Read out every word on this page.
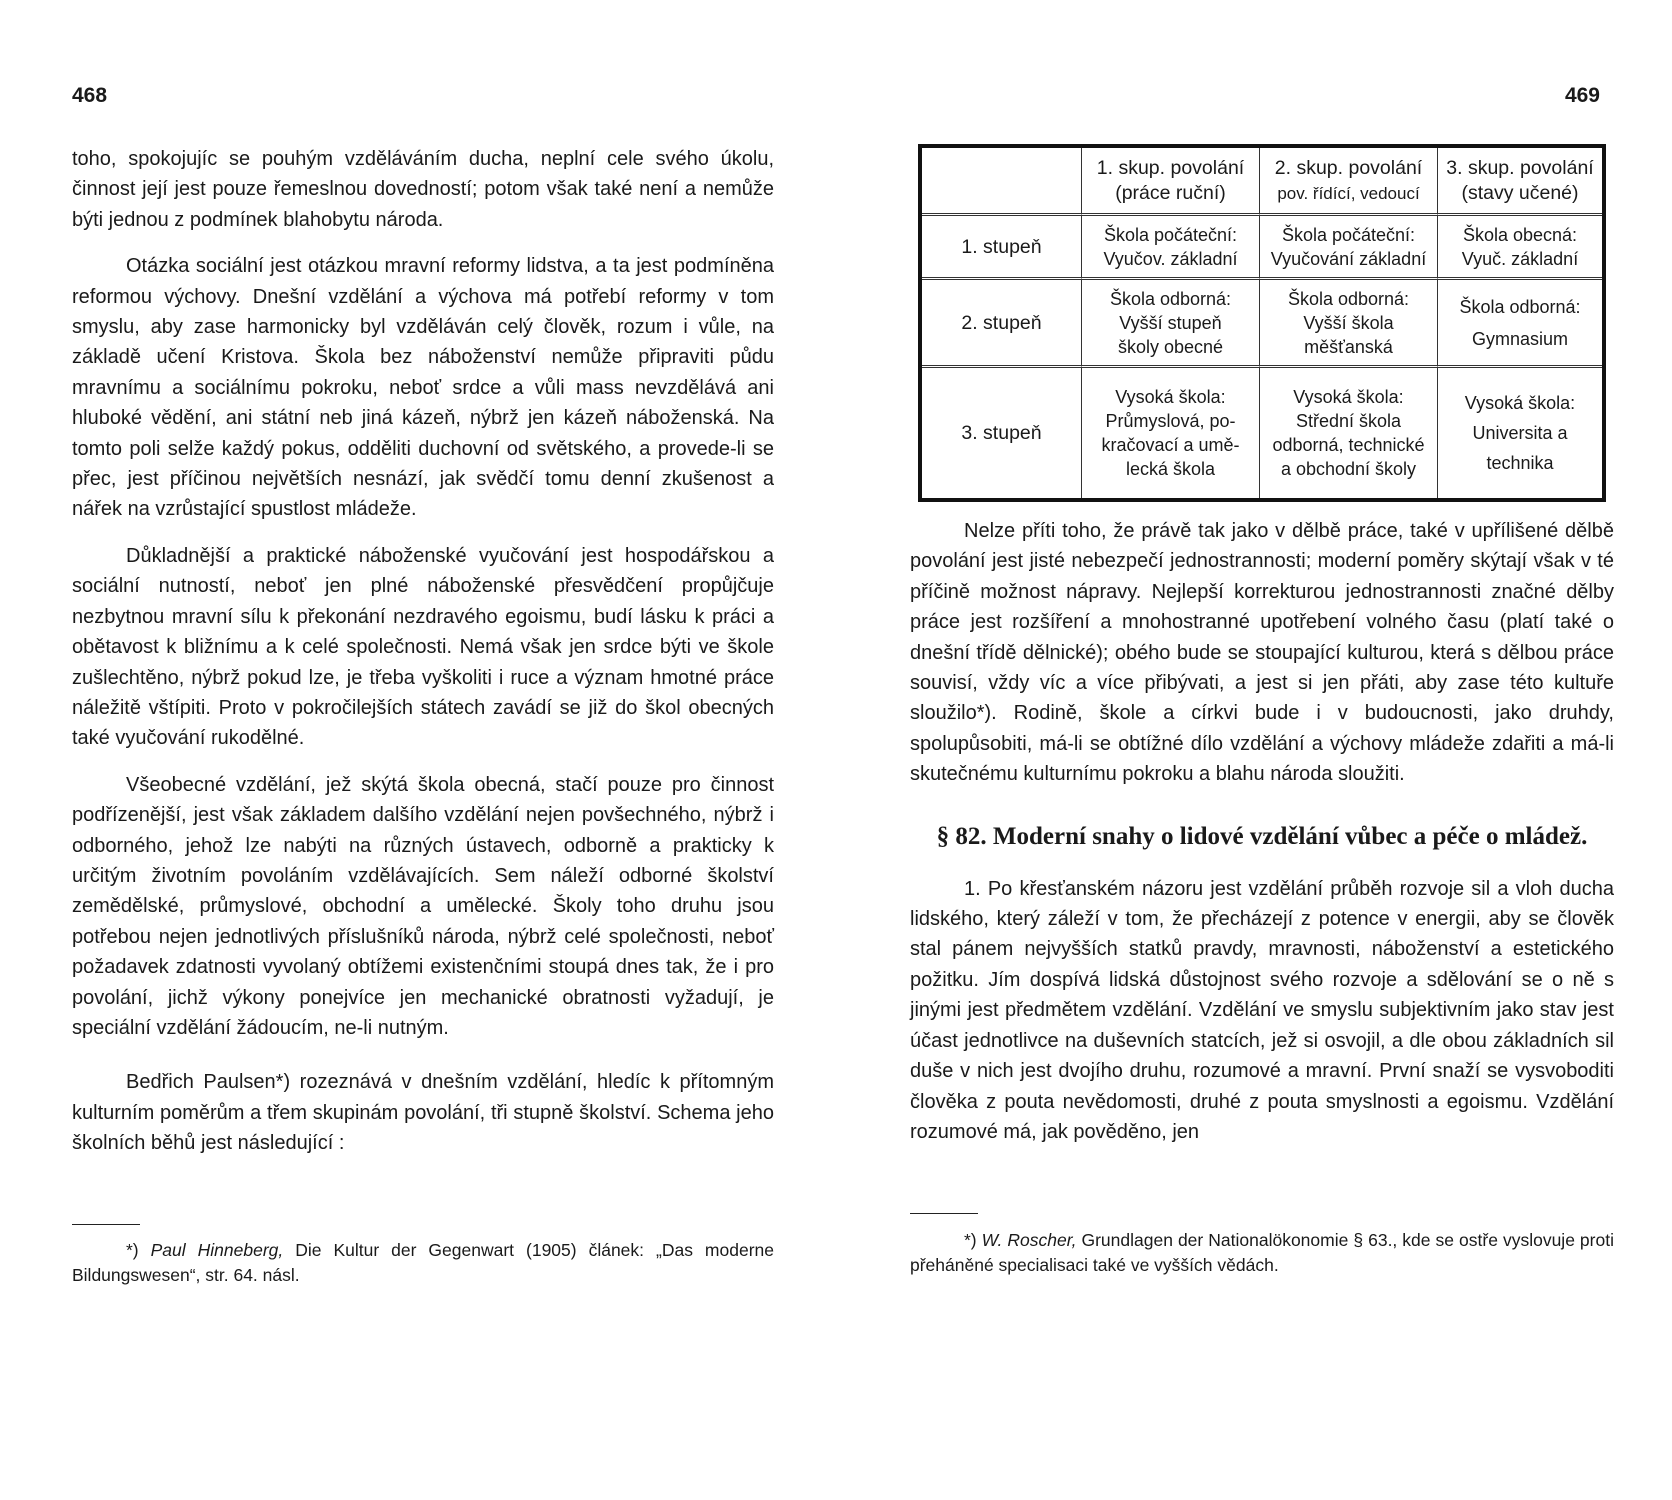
468

toho, spokojujíc se pouhým vzděláváním ducha, neplní cele svého úkolu, činnost její jest pouze řemeslnou dovedností; potom však také není a nemůže býti jednou z podmínek blahobytu národa.

Otázka sociální jest otázkou mravní reformy lidstva, a ta jest podmíněna reformou výchovy. Dnešní vzdělání a výchova má potřebí reformy v tom smyslu, aby zase harmonicky byl vzděláván celý člověk, rozum i vůle, na základě učení Kristova. Škola bez náboženství nemůže připraviti půdu mravnímu a sociálnímu pokroku, neboť srdce a vůli mass nevzdělává ani hluboké vědění, ani státní neb jiná kázeň, nýbrž jen kázeň náboženská. Na tomto poli selže každý pokus, odděliti duchovní od světského, a provede-li se přec, jest příčinou největších nesnází, jak svědčí tomu denní zkušenost a nářek na vzrůstající spustlost mládeže.

Důkladnější a praktické náboženské vyučování jest hospodářskou a sociální nutností, neboť jen plné náboženské přesvědčení propůjčuje nezbytnou mravní sílu k překonání nezdravého egoismu, budí lásku k práci a obětavost k bližnímu a k celé společnosti. Nemá však jen srdce býti ve škole zušlechtěno, nýbrž pokud lze, je třeba vyškoliti i ruce a význam hmotné práce náležitě vštípiti. Proto v pokročilejších státech zavádí se již do škol obecných také vyučování rukodělné.

Všeobecné vzdělání, jež skýtá škola obecná, stačí pouze pro činnost podřízenější, jest však základem dalšího vzdělání nejen povšechného, nýbrž i odborného, jehož lze nabýti na různých ústavech, odborně a prakticky k určitým životním povoláním vzdělávajících. Sem náleží odborné školství zemědělské, průmyslové, obchodní a umělecké. Školy toho druhu jsou potřebou nejen jednotlivých příslušníků národa, nýbrž celé společnosti, neboť požadavek zdatnosti vyvolaný obtížemi existenčními stoupá dnes tak, že i pro povolání, jichž výkony ponejvíce jen mechanické obratnosti vyžadují, je speciální vzdělání žádoucím, ne-li nutným.

Bedřich Paulsen*) rozeznává v dnešním vzdělání, hledíc k přítomným kulturním poměrům a třem skupinám povolání, tři stupně školství. Schema jeho školních běhů jest následující :

*) Paul Hinneberg, Die Kultur der Gegenwart (1905) článek: „Das moderne Bildungswesen“, str. 64. násl.
469
1. skup. povolání
(práce ruční)
2. skup. povolání
pov. řídící, vedoucí
3. skup. povolání
(stavy učené)
1. stupeň
Škola počáteční:
Vyučov. základní
Škola počáteční:
Vyučování základní
Škola obecná:
Vyuč. základní
2. stupeň
Škola odborná:
Vyšší stupeň
školy obecné
Škola odborná:
Vyšší škola
měšťanská
Škola odborná:
Gymnasium
3. stupeň
Vysoká škola:
Průmyslová, po-
kračovací a umě-
lecká škola
Vysoká škola:
Střední škola
odborná, technické
a obchodní školy
Vysoká škola:
Universita a
technika

Nelze příti toho, že právě tak jako v dělbě práce, také v upřílišené dělbě povolání jest jisté nebezpečí jednostrannosti; moderní poměry skýtají však v té příčině možnost nápravy. Nejlepší korrekturou jednostrannosti značné dělby práce jest rozšíření a mnohostranné upotřebení volného času (platí také o dnešní třídě dělnické); obého bude se stoupající kulturou, která s dělbou práce souvisí, vždy víc a více přibývati, a jest si jen přáti, aby zase této kultuře sloužilo*). Rodině, škole a církvi bude i v budoucnosti, jako druhdy, spolupůsobiti, má-li se obtížné dílo vzdělání a výchovy mládeže zdařiti a má-li skutečnému kulturnímu pokroku a blahu národa sloužiti.

§ 82. Moderní snahy o lidové vzdělání vůbec a péče o mládež.

1. Po křesťanském názoru jest vzdělání průběh rozvoje sil a vloh ducha lidského, který záleží v tom, že přecházejí z potence v energii, aby se člověk stal pánem nejvyšších statků pravdy, mravnosti, náboženství a estetického požitku. Jím dospívá lidská důstojnost svého rozvoje a sdělování se o ně s jinými jest předmětem vzdělání. Vzdělání ve smyslu subjektivním jako stav jest účast jednotlivce na duševních statcích, jež si osvojil, a dle obou základních sil duše v nich jest dvojího druhu, rozumové a mravní. První snaží se vysvoboditi člověka z pouta nevědomosti, druhé z pouta smyslnosti a egoismu. Vzdělání rozumové má, jak pověděno, jen

*) W. Roscher, Grundlagen der Nationalökonomie § 63., kde se ostře vyslovuje proti přeháněné specialisaci také ve vyšších vědách.
